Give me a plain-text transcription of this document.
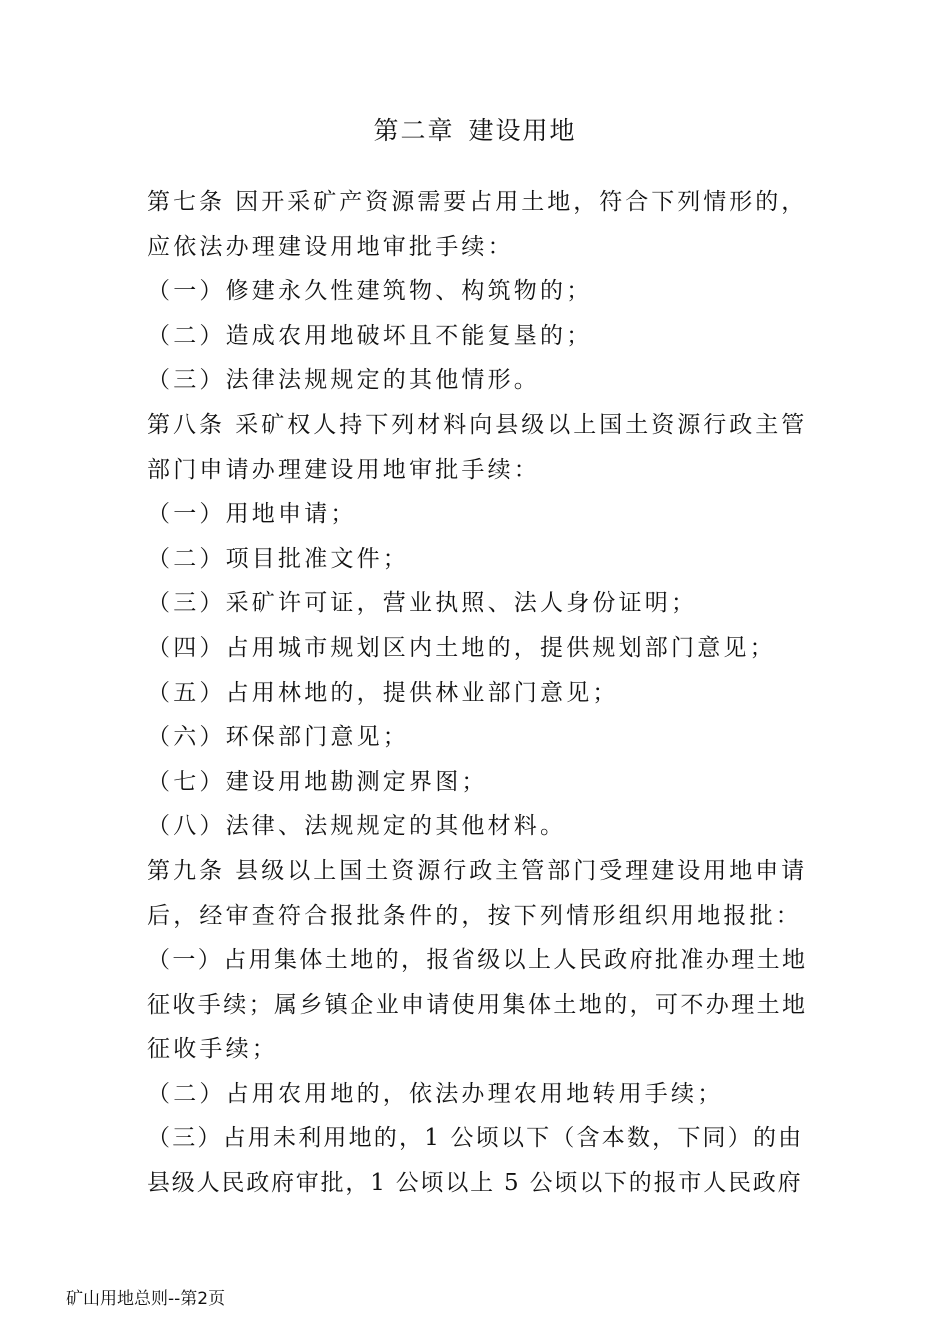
第二章 建设用地
第七条 因开采矿产资源需要占用土地，符合下列情形的，
应依法办理建设用地审批手续：
（一）修建永久性建筑物、构筑物的；
（二）造成农用地破坏且不能复垦的；
（三）法律法规规定的其他情形。
第八条 采矿权人持下列材料向县级以上国土资源行政主管
部门申请办理建设用地审批手续：
（一）用地申请；
（二）项目批准文件；
（三）采矿许可证，营业执照、法人身份证明；
（四）占用城市规划区内土地的，提供规划部门意见；
（五）占用林地的，提供林业部门意见；
（六）环保部门意见；
（七）建设用地勘测定界图；
（八）法律、法规规定的其他材料。
第九条 县级以上国土资源行政主管部门受理建设用地申请
后，经审查符合报批条件的，按下列情形组织用地报批：
（一）占用集体土地的，报省级以上人民政府批准办理土地
征收手续；属乡镇企业申请使用集体土地的，可不办理土地
征收手续；
（二）占用农用地的，依法办理农用地转用手续；
（三）占用未利用地的，1 公顷以下（含本数，下同）的由
县级人民政府审批，1 公顷以上 5 公顷以下的报市人民政府
矿山用地总则--第2页
